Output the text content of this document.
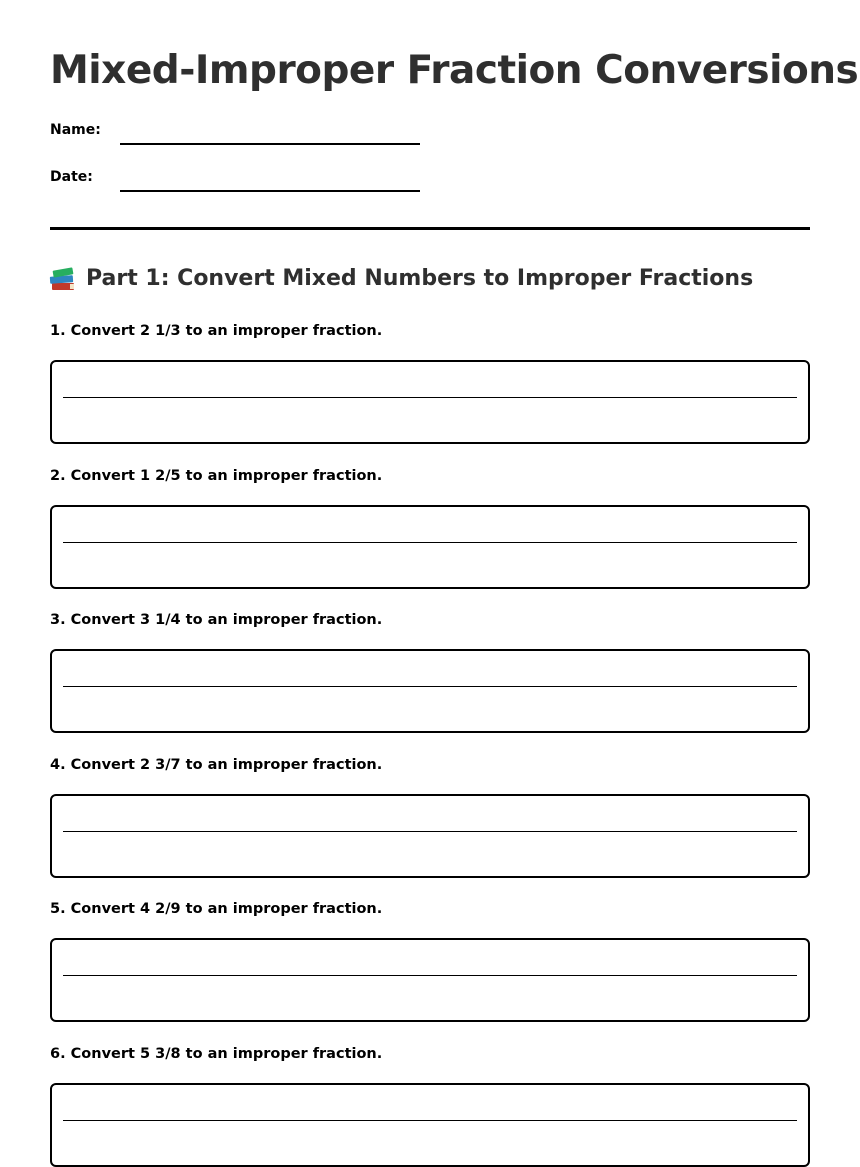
Mixed-Improper Fraction Conversions
Name:
Date:
Part 1: Convert Mixed Numbers to Improper Fractions

1. Convert 2 1/3 to an improper fraction.

2. Convert 1 2/5 to an improper fraction.

3. Convert 3 1/4 to an improper fraction.

4. Convert 2 3/7 to an improper fraction.

5. Convert 4 2/9 to an improper fraction.

6. Convert 5 3/8 to an improper fraction.
